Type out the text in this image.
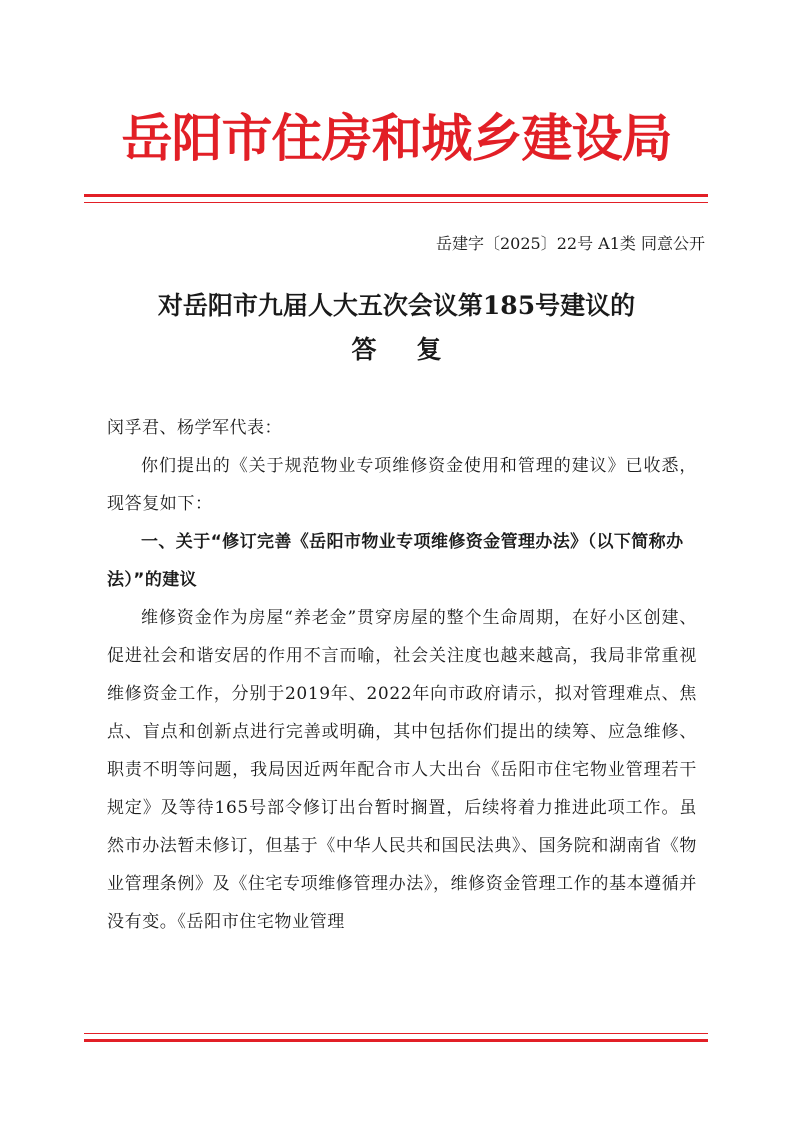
岳阳市住房和城乡建设局
岳建字〔2025〕22号 A1类 同意公开
对岳阳市九届人大五次会议第185号建议的
答复

闵孚君、杨学军代表：

你们提出的《关于规范物业专项维修资金使用和管理的建议》已收悉，现答复如下：

一、关于“修订完善《岳阳市物业专项维修资金管理办法》（以下简称办法）”的建议

维修资金作为房屋“养老金”贯穿房屋的整个生命周期，在好小区创建、促进社会和谐安居的作用不言而喻，社会关注度也越来越高，我局非常重视维修资金工作，分别于2019年、2022年向市政府请示，拟对管理难点、焦点、盲点和创新点进行完善或明确，其中包括你们提出的续筹、应急维修、职责不明等问题，我局因近两年配合市人大出台《岳阳市住宅物业管理若干规定》及等待165号部令修订出台暂时搁置，后续将着力推进此项工作。虽然市办法暂未修订，但基于《中华人民共和国民法典》、国务院和湖南省《物业管理条例》及《住宅专项维修管理办法》，维修资金管理工作的基本遵循并没有变。《岳阳市住宅物业管理
